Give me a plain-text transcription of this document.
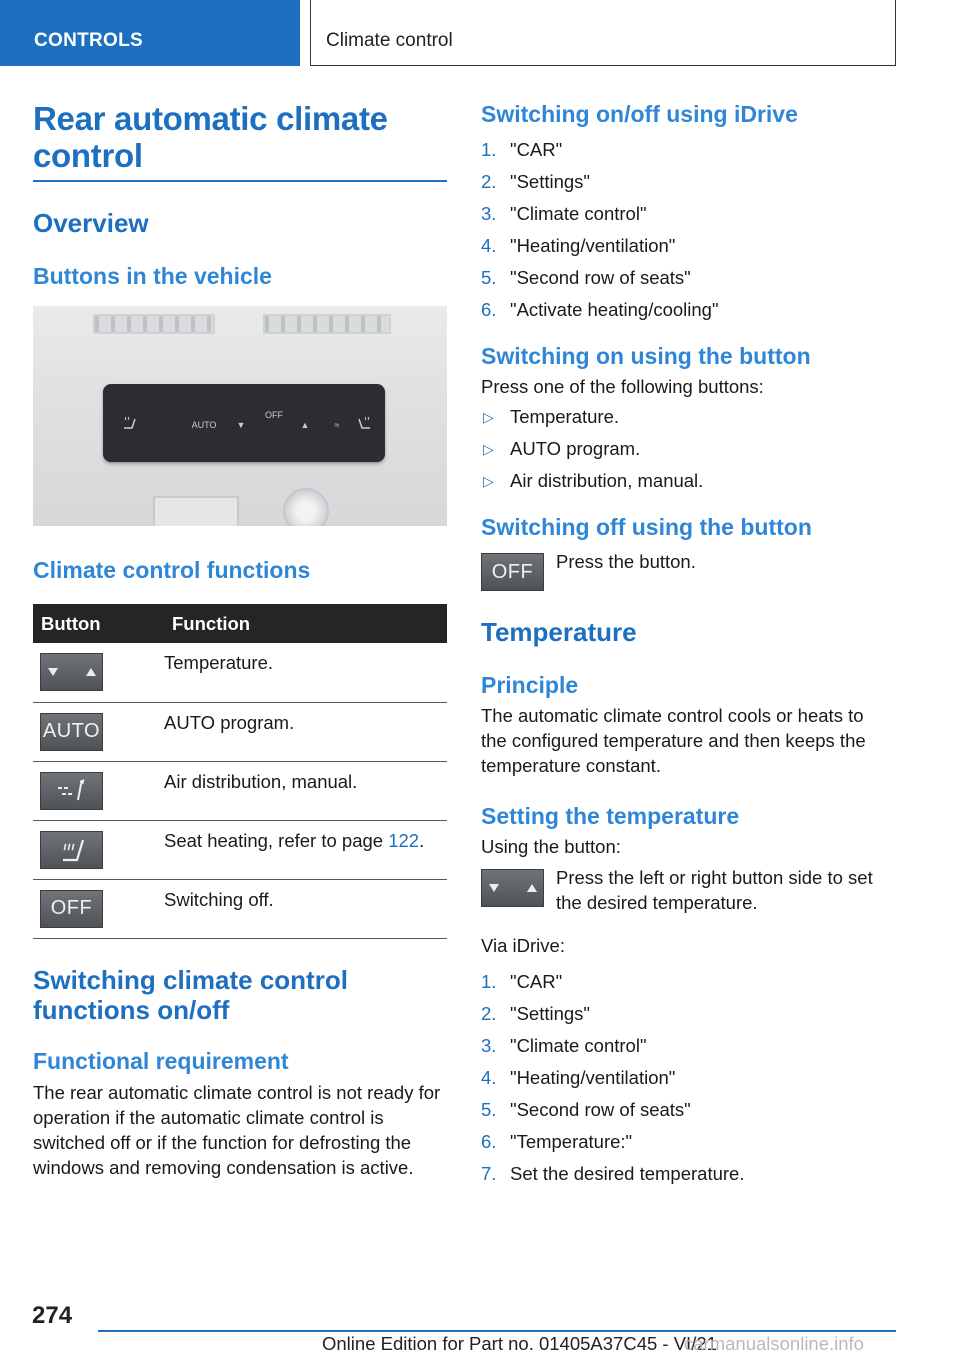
CONTROLS	Climate control
Rear automatic climate control
Overview
Buttons in the vehicle
AUTO	▼
OFF
▲	≈
Climate control functions
Button	Function

	Temperature.

AUTO	AUTO program.

	Air distribution, manual.

	Seat heating, refer to page 122.

OFF	Switching off.
Switching climate control functions on/off
Functional requirement
The rear automatic climate control is not ready for operation if the automatic climate control is switched off or if the function for defrosting the windows and removing condensation is active.
Switching on/off using iDrive
1. "CAR"
2. "Settings"
3. "Climate control"
4. "Heating/ventilation"
5. "Second row of seats"
6. "Activate heating/cooling"
Switching on using the button
Press one of the following buttons:
▷ Temperature.
▷ AUTO program.
▷ Air distribution, manual.
Switching off using the button
OFF	Press the button.
Temperature
Principle
The automatic climate control cools or heats to the configured temperature and then keeps the temperature constant.
Setting the temperature
Using the button:
Press the left or right button side to set the desired temperature.
Via iDrive:
1. "CAR"
2. "Settings"
3. "Climate control"
4. "Heating/ventilation"
5. "Second row of seats"
6. "Temperature:"
7. Set the desired temperature.
274
Online Edition for Part no. 01405A37C45 - VI/21
carmanualsonline.info
